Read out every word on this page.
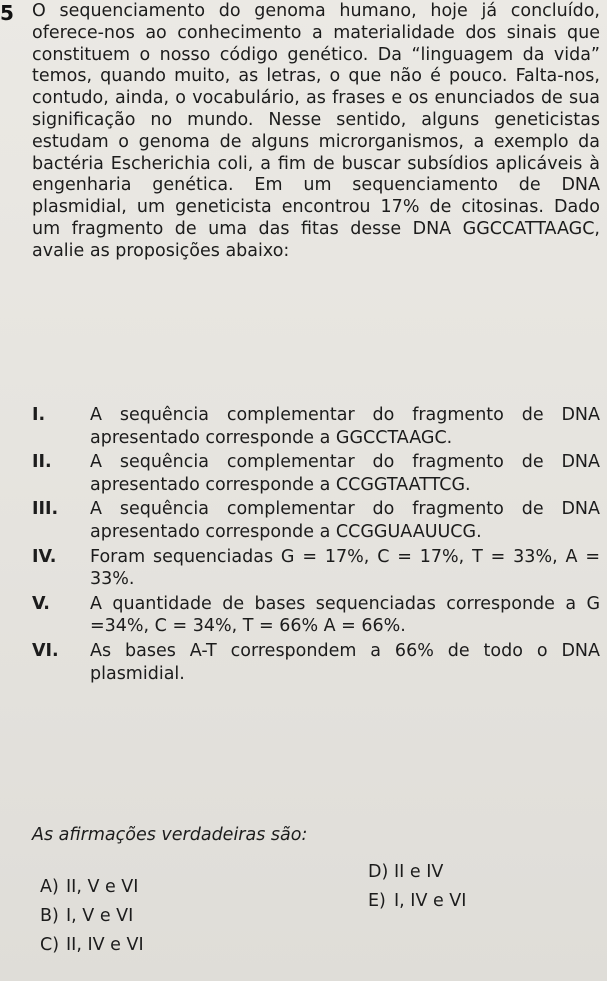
5 O sequenciamento do genoma humano, hoje já concluído, oferece-nos ao conhecimento a materialidade dos sinais que constituem o nosso código genético. Da “linguagem da vida” temos, quando muito, as letras, o que não é pouco. Falta-nos, contudo, ainda, o vocabulário, as frases e os enunciados de sua significação no mundo. Nesse sentido, alguns geneticistas estudam o genoma de alguns microrganismos, a exemplo da bactéria Escherichia coli, a fim de buscar subsídios aplicáveis à engenharia genética. Em um sequenciamento de DNA plasmidial, um geneticista encontrou 17% de citosinas. Dado um fragmento de uma das fitas desse DNA GGCCATTAAGC, avalie as proposições abaixo:

I.	A sequência complementar do fragmento de DNA apresentado corresponde a GGCCTAAGC.

II.	A sequência complementar do fragmento de DNA apresentado corresponde a CCGGTAATTCG.

III.	A sequência complementar do fragmento de DNA apresentado corresponde a CCGGUAAUUCG.

IV.	Foram sequenciadas G = 17%, C = 17%, T = 33%, A = 33%.

V.	A quantidade de bases sequenciadas corresponde a G =34%, C = 34%, T = 66% A = 66%.

VI.	As bases A-T correspondem a 66% de todo o DNA plasmidial.

As afirmações verdadeiras são:
A) II, V e VI
B) I, V e VI
C) II, IV e VI
D) II e IV
E) I, IV e VI
